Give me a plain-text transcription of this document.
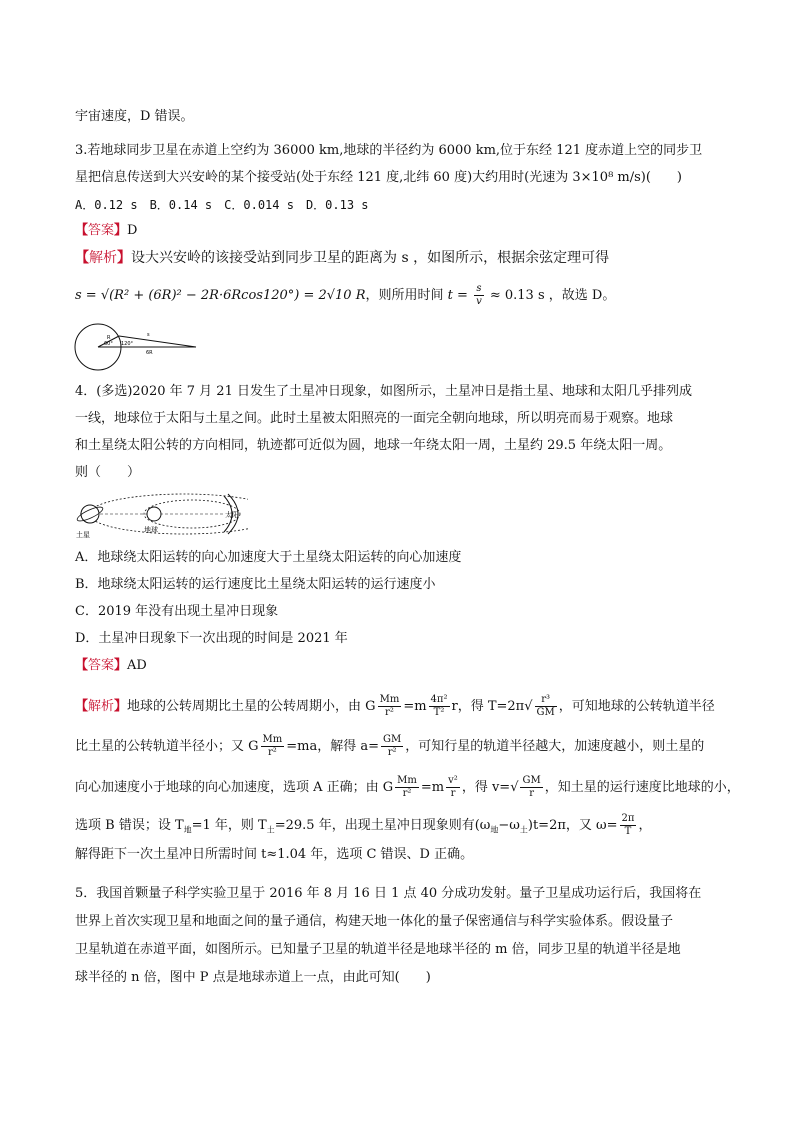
宇宙速度，D 错误。
3.若地球同步卫星在赤道上空约为 36000 km,地球的半径约为 6000 km,位于东经 121 度赤道上空的同步卫
星把信息传送到大兴安岭的某个接受站(处于东经 121 度,北纬 60 度)大约用时(光速为 3×10⁸ m/s)(　　)
A．0.12 s　B．0.14 s　C．0.014 s　D．0.13 s
【答案】D
【解析】设大兴安岭的该接受站到同步卫星的距离为 s ，如图所示，根据余弦定理可得
s = √(R² + (6R)² − 2R·6Rcos120°) = 2√10 R，则所用时间 $t = \frac{s}{v} \approx 0.13$ s ，故选 D。
60°
R
120°
s
6R
4．(多选)2020 年 7 月 21 日发生了土星冲日现象，如图所示，土星冲日是指土星、地球和太阳几乎排列成
一线，地球位于太阳与土星之间。此时土星被太阳照亮的一面完全朝向地球，所以明亮而易于观察。地球
和土星绕太阳公转的方向相同，轨迹都可近似为圆，地球一年绕太阳一周，土星约 29.5 年绕太阳一周。
则（　　）
土星
地球
太阳
A．地球绕太阳运转的向心加速度大于土星绕太阳运转的向心加速度
B．地球绕太阳运转的运行速度比土星绕太阳运转的运行速度小
C．2019 年没有出现土星冲日现象
D．土星冲日现象下一次出现的时间是 2021 年
【答案】AD
【解析】地球的公转周期比土星的公转周期小，由 G $\frac{Mm}{\text{r²}} =m \frac{\text{4π²}}{\text{T²}}$ r，得 $T=2\pi√ \frac{\text{r³}}{GM}$ ，可知地球的公转轨道半径
比土星的公转轨道半径小；又 G $\frac{Mm}{\text{r²}} =ma$，解得 $a= \frac{GM}{\text{r²}}$ ，可知行星的轨道半径越大，加速度越小，则土星的
向心加速度小于地球的向心加速度，选项 A 正确；由 G $\frac{Mm}{\text{r²}} =m \frac{\text{v²}}{r}$ ，得 $v=√ \frac{GM}{r}$ ，知土星的运行速度比地球的小，
选项 B 错误；设 $T_地=1$ 年，则 $T_土=29.5$ 年，出现土星冲日现象则有$(\omega_地-\omega_土)t=2\pi$，又 $\omega= \frac{2\pi}{T}$ ，
解得距下一次土星冲日所需时间 t≈1.04 年，选项 C 错误、D 正确。
5．我国首颗量子科学实验卫星于 2016 年 8 月 16 日 1 点 40 分成功发射。量子卫星成功运行后，我国将在
世界上首次实现卫星和地面之间的量子通信，构建天地一体化的量子保密通信与科学实验体系。假设量子
卫星轨道在赤道平面，如图所示。已知量子卫星的轨道半径是地球半径的 m 倍，同步卫星的轨道半径是地
球半径的 n 倍，图中 P 点是地球赤道上一点，由此可知(　　)
